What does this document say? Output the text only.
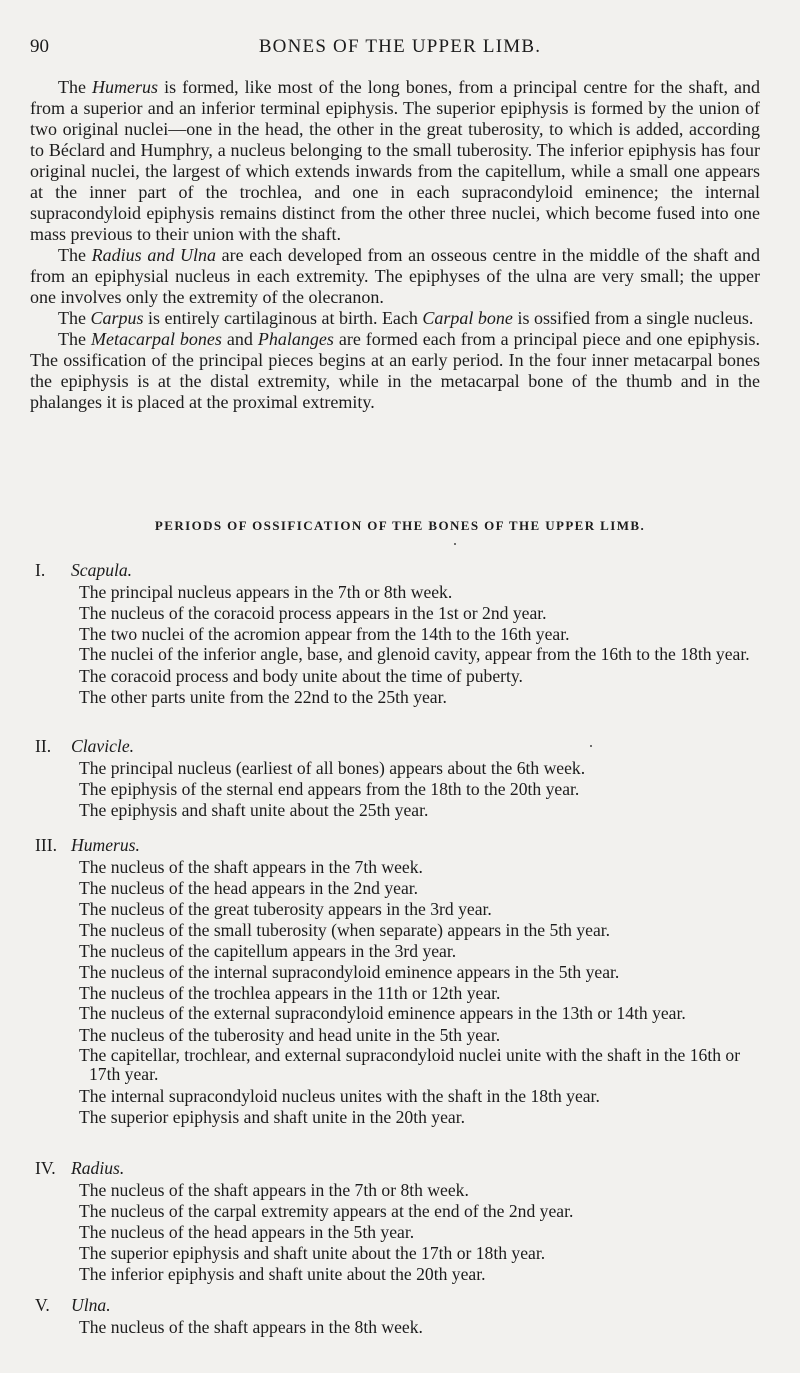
90	BONES OF THE UPPER LIMB.

The Humerus is formed, like most of the long bones, from a principal centre for the shaft, and from a superior and an inferior terminal epiphysis. The superior epiphysis is formed by the union of two original nuclei—one in the head, the other in the great tuberosity, to which is added, according to Béclard and Humphry, a nucleus belonging to the small tuberosity. The inferior epiphysis has four original nuclei, the largest of which extends inwards from the capitellum, while a small one appears at the inner part of the trochlea, and one in each supracondyloid eminence; the internal supracondyloid epiphysis remains distinct from the other three nuclei, which become fused into one mass previous to their union with the shaft.

The Radius and Ulna are each developed from an osseous centre in the middle of the shaft and from an epiphysial nucleus in each extremity. The epiphyses of the ulna are very small; the upper one involves only the extremity of the olecranon.

The Carpus is entirely cartilaginous at birth. Each Carpal bone is ossified from a single nucleus.

The Metacarpal bones and Phalanges are formed each from a principal piece and one epiphysis. The ossification of the principal pieces begins at an early period. In the four inner metacarpal bones the epiphysis is at the distal extremity, while in the metacarpal bone of the thumb and in the phalanges it is placed at the proximal extremity.

PERIODS OF OSSIFICATION OF THE BONES OF THE UPPER LIMB.
I. Scapula.
The principal nucleus appears in the 7th or 8th week.
The nucleus of the coracoid process appears in the 1st or 2nd year.
The two nuclei of the acromion appear from the 14th to the 16th year.
The nuclei of the inferior angle, base, and glenoid cavity, appear from the 16th to the 18th year.
The coracoid process and body unite about the time of puberty.
The other parts unite from the 22nd to the 25th year.
II. Clavicle.
The principal nucleus (earliest of all bones) appears about the 6th week.
The epiphysis of the sternal end appears from the 18th to the 20th year.
The epiphysis and shaft unite about the 25th year.
III. Humerus.
The nucleus of the shaft appears in the 7th week.
The nucleus of the head appears in the 2nd year.
The nucleus of the great tuberosity appears in the 3rd year.
The nucleus of the small tuberosity (when separate) appears in the 5th year.
The nucleus of the capitellum appears in the 3rd year.
The nucleus of the internal supracondyloid eminence appears in the 5th year.
The nucleus of the trochlea appears in the 11th or 12th year.
The nucleus of the external supracondyloid eminence appears in the 13th or 14th year.
The nucleus of the tuberosity and head unite in the 5th year.
The capitellar, trochlear, and external supracondyloid nuclei unite with the shaft in the 16th or 17th year.
The internal supracondyloid nucleus unites with the shaft in the 18th year.
The superior epiphysis and shaft unite in the 20th year.
IV. Radius.
The nucleus of the shaft appears in the 7th or 8th week.
The nucleus of the carpal extremity appears at the end of the 2nd year.
The nucleus of the head appears in the 5th year.
The superior epiphysis and shaft unite about the 17th or 18th year.
The inferior epiphysis and shaft unite about the 20th year.
V. Ulna.
The nucleus of the shaft appears in the 8th week.
